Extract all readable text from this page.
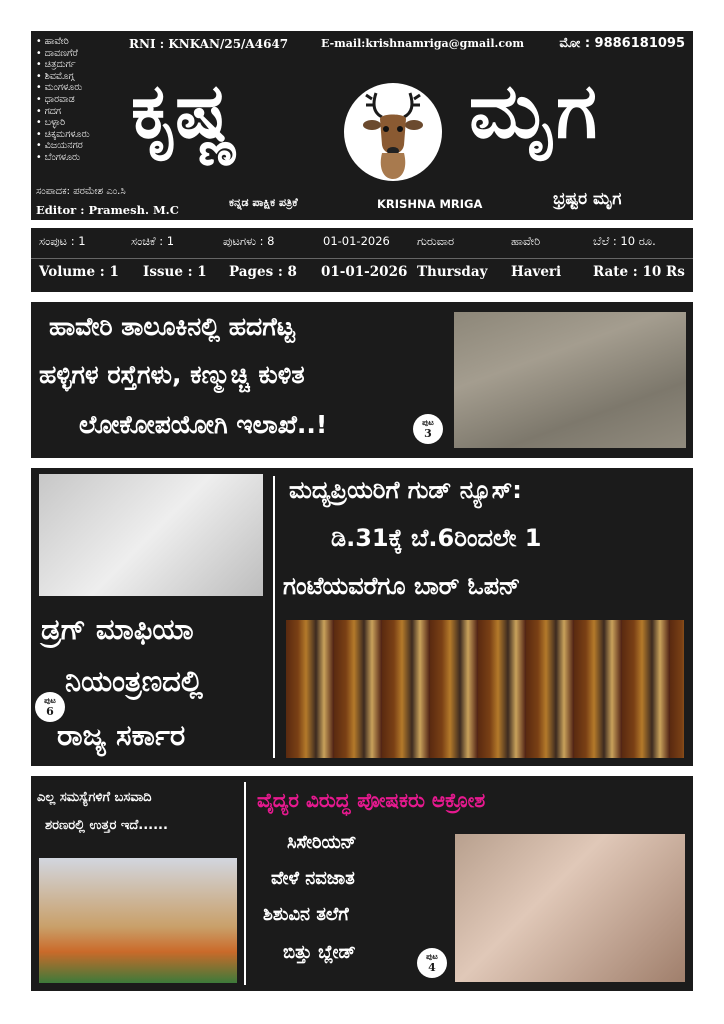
• ಹಾವೇರಿ
• ದಾವಣಗೆರೆ
• ಚಿತ್ರದುರ್ಗ
• ಶಿವಮೊಗ್ಗ
• ಮಂಗಳೂರು
• ಧಾರವಾಡ
• ಗದಗ
• ಬಳ್ಳಾರಿ
• ಚಿಕ್ಕಮಗಳೂರು
• ವಿಜಯನಗರ
• ಬೆಂಗಳೂರು
RNI : KNKAN/25/A4647	E-mail:krishnamriga@gmail.com	ಮೋ : 9886181095
ಕೃಷ್ಣ	ಮೃಗ
ಸಂಪಾದಕ: ಪರಮೇಶ ಎಂ.ಸಿ
Editor : Pramesh. M.C
ಕನ್ನಡ ಪಾಕ್ಷಿಕ ಪತ್ರಿಕೆ	KRISHNA MRIGA	ಭ್ರಷ್ಟರ ಮೃಗ
ಸಂಪುಟ : 1	ಸಂಚಿಕೆ : 1	ಪುಟಗಳು : 8	01-01-2026 ಗುರುವಾರ	ಹಾವೇರಿ	ಬೆಲೆ : 10 ರೂ.
Volume : 1 Issue : 1 Pages : 8 01-01-2026 Thursday Haveri Rate : 10 Rs
ಹಾವೇರಿ ತಾಲೂಕಿನಲ್ಲಿ ಹದಗೆಟ್ಟ
ಹಳ್ಳಿಗಳ ರಸ್ತೆಗಳು, ಕಣ್ಮುಚ್ಚಿ ಕುಳಿತ
ಲೋಕೋಪಯೋಗಿ ಇಲಾಖೆ..!	ಪುಟ
3
ಡ್ರಗ್ ಮಾಫಿಯಾ
ನಿಯಂತ್ರಣದಲ್ಲಿ
ರಾಜ್ಯ ಸರ್ಕಾರ
ಪುಟ
6
ಮದ್ಯಪ್ರಿಯರಿಗೆ ಗುಡ್ ನ್ಯೂಸ್:
ಡಿ.31ಕ್ಕೆ ಬೆ.6ರಿಂದಲೇ 1
ಗಂಟೆಯವರೆಗೂ ಬಾರ್ ಓಪನ್
ಎಲ್ಲ ಸಮಸ್ಯೆಗಳಿಗೆ ಬಸವಾದಿ
ಶರಣರಲ್ಲಿ ಉತ್ತರ ಇದೆ......
ವೈದ್ಯರ ವಿರುದ್ಧ ಪೋಷಕರು ಆಕ್ರೋಶ
ಸಿಸೇರಿಯನ್
ವೇಳೆ ನವಜಾತ
ಶಿಶುವಿನ ತಲೆಗೆ
ಬಿತ್ತು ಬ್ಲೇಡ್	ಪುಟ
4
